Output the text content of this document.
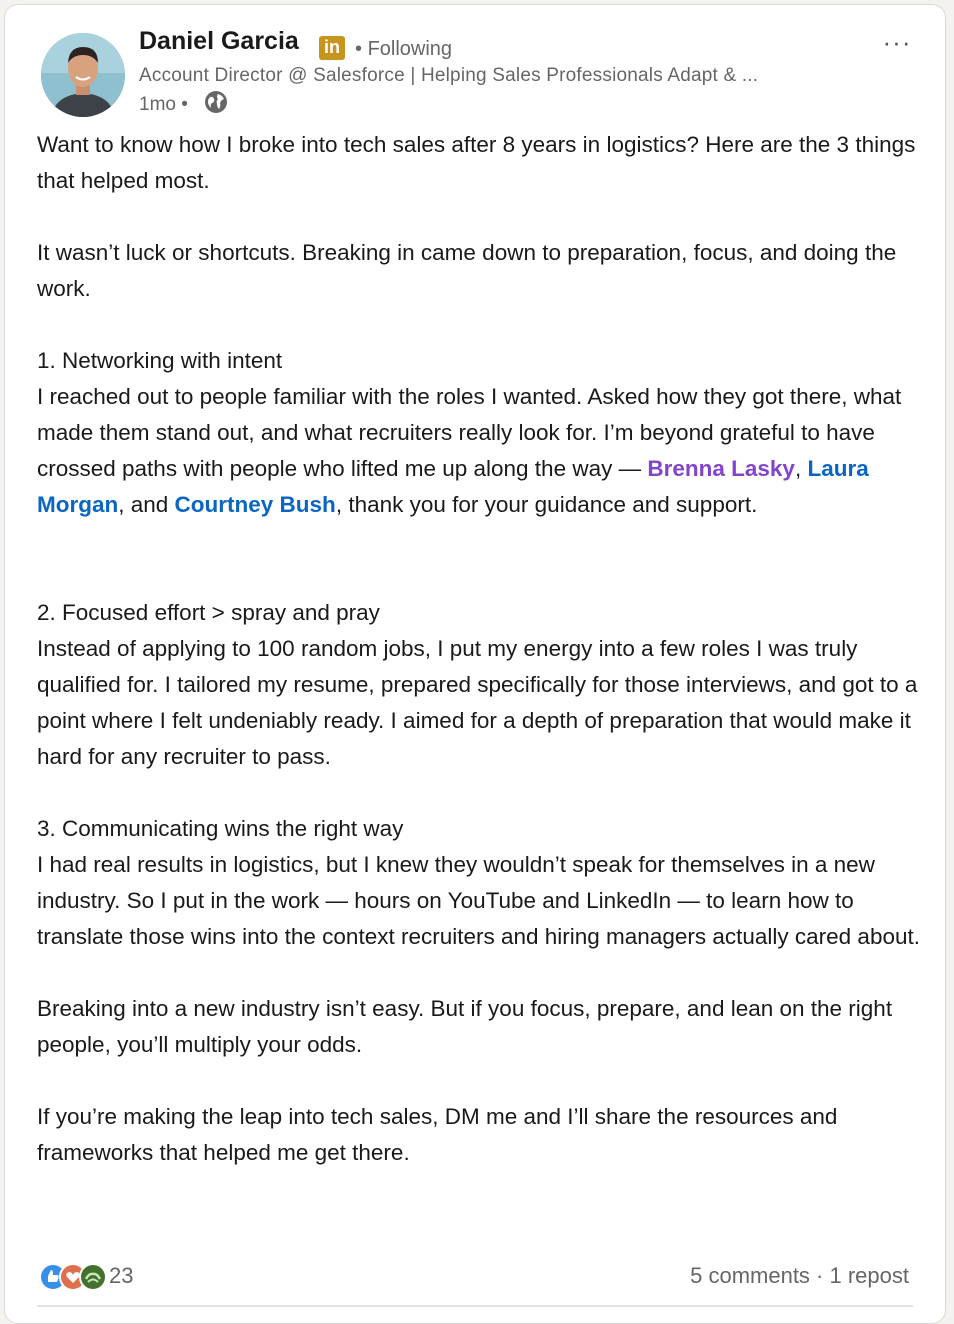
Daniel Garcia in • Following
Account Director @ Salesforce | Helping Sales Professionals Adapt & ...
1mo •
···

Want to know how I broke into tech sales after 8 years in logistics? Here are the 3 things that helped most.

It wasn’t luck or shortcuts. Breaking in came down to preparation, focus, and doing the work.

1. Networking with intent

I reached out to people familiar with the roles I wanted. Asked how they got there, what made them stand out, and what recruiters really look for. I’m beyond grateful to have crossed paths with people who lifted me up along the way — Brenna Lasky, Laura Morgan, and Courtney Bush, thank you for your guidance and support.

2. Focused effort > spray and pray

Instead of applying to 100 random jobs, I put my energy into a few roles I was truly qualified for. I tailored my resume, prepared specifically for those interviews, and got to a point where I felt undeniably ready. I aimed for a depth of preparation that would make it hard for any recruiter to pass.

3. Communicating wins the right way

I had real results in logistics, but I knew they wouldn’t speak for themselves in a new industry. So I put in the work — hours on YouTube and LinkedIn — to learn how to translate those wins into the context recruiters and hiring managers actually cared about.

Breaking into a new industry isn’t easy. But if you focus, prepare, and lean on the right people, you’ll multiply your odds.

If you’re making the leap into tech sales, DM me and I’ll share the resources and frameworks that helped me get there.

23	5 comments · 1 repost
